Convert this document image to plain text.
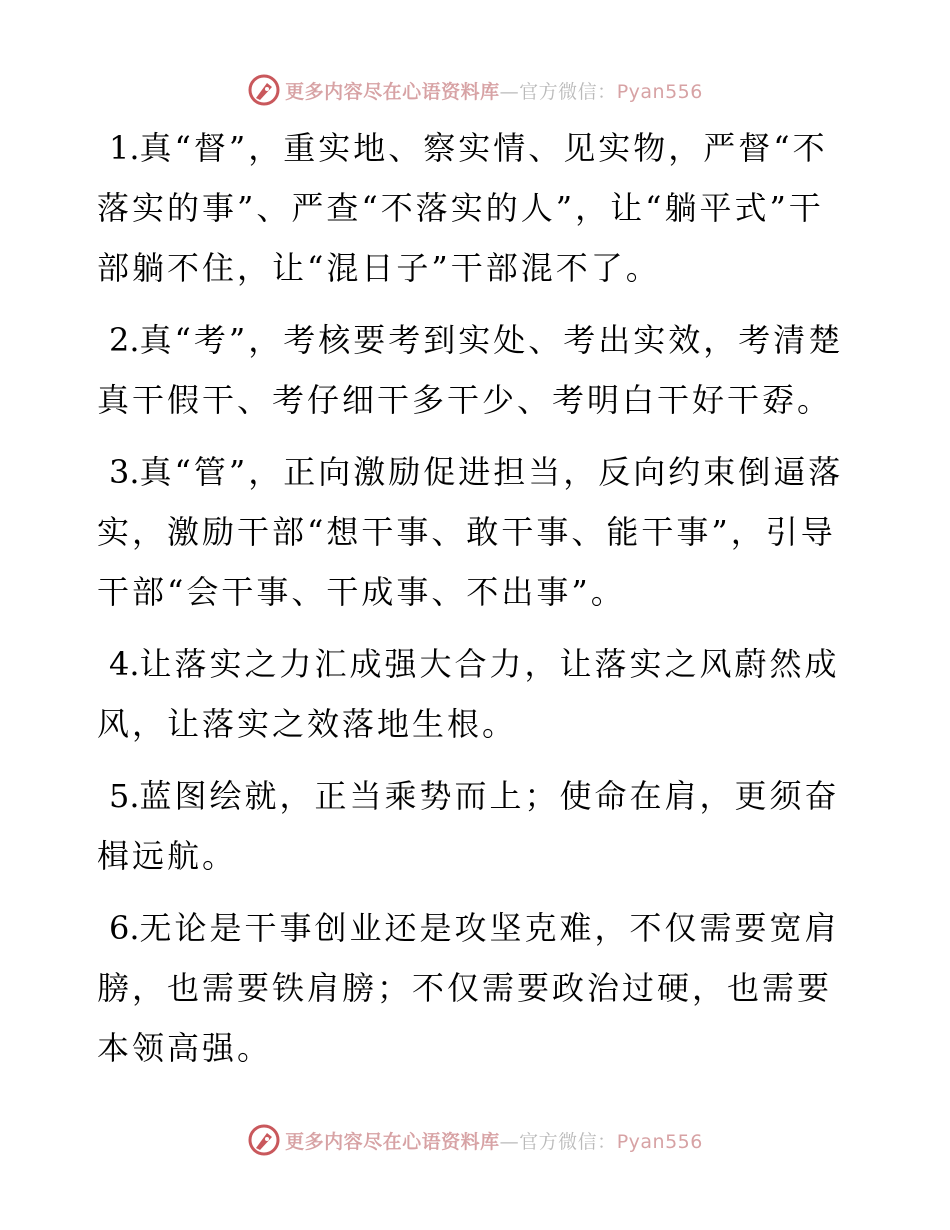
更多内容尽在心语资料库—官方微信：Pyan556

1.真“督”，重实地、察实情、见实物，严督“不落实的事”、严查“不落实的人”，让“躺平式”干部躺不住，让“混日子”干部混不了。

2.真“考”，考核要考到实处、考出实效，考清楚真干假干、考仔细干多干少、考明白干好干孬。

3.真“管”，正向激励促进担当，反向约束倒逼落实，激励干部“想干事、敢干事、能干事”，引导干部“会干事、干成事、不出事”。

4.让落实之力汇成强大合力，让落实之风蔚然成风，让落实之效落地生根。

5.蓝图绘就，正当乘势而上；使命在肩，更须奋楫远航。

6.无论是干事创业还是攻坚克难，不仅需要宽肩膀，也需要铁肩膀；不仅需要政治过硬，也需要本领高强。

更多内容尽在心语资料库—官方微信：Pyan556
